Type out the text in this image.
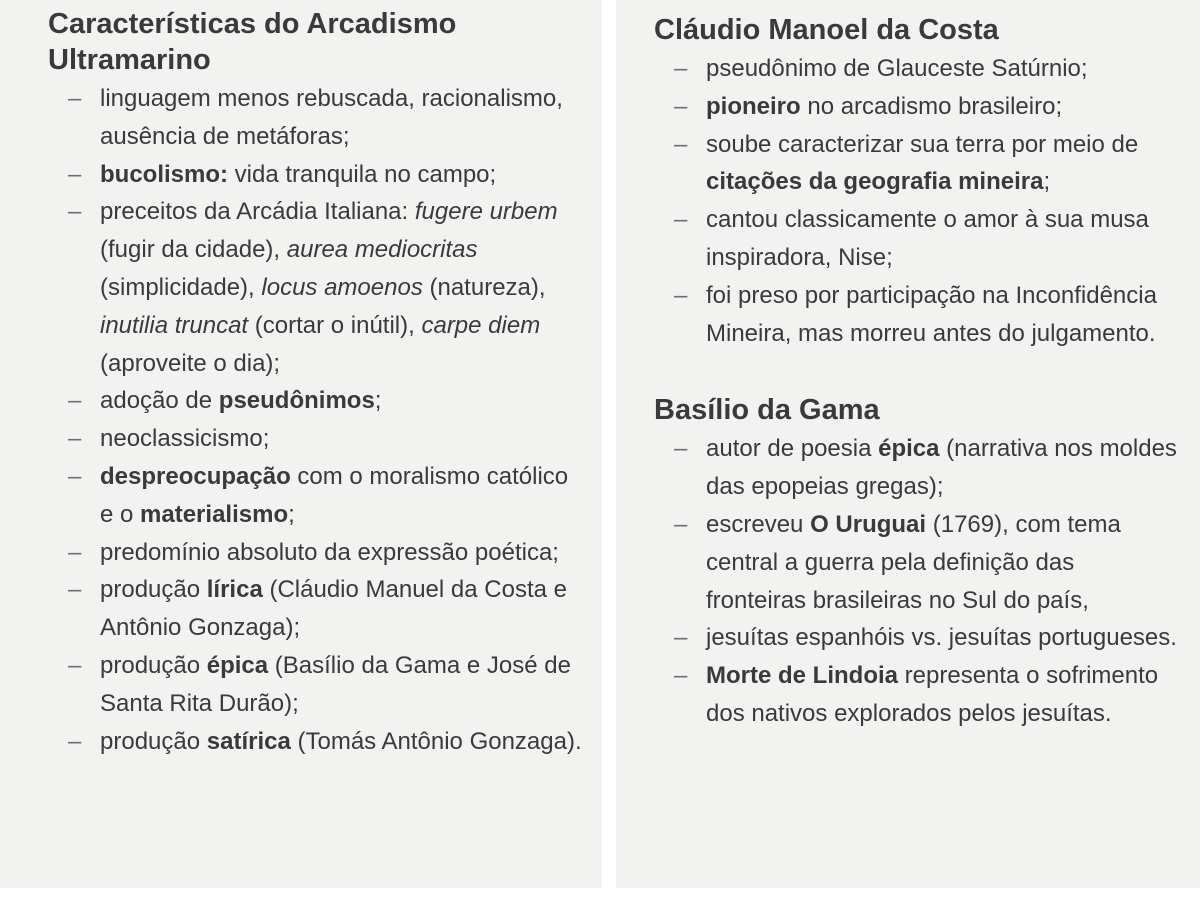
Características do Arcadismo Ultramarino
– linguagem menos rebuscada, racionalismo, ausência de metáforas;
– bucolismo: vida tranquila no campo;
– preceitos da Arcádia Italiana: fugere urbem (fugir da cidade), aurea mediocritas (simplicidade), locus amoenos (natureza), inutilia truncat (cortar o inútil), carpe diem (aproveite o dia);
– adoção de pseudônimos;
– neoclassicismo;
– despreocupação com o moralismo católico e o materialismo;
– predomínio absoluto da expressão poética;
– produção lírica (Cláudio Manuel da Costa e Antônio Gonzaga);
– produção épica (Basílio da Gama e José de Santa Rita Durão);
– produção satírica (Tomás Antônio Gonzaga).
Cláudio Manoel da Costa
– pseudônimo de Glauceste Satúrnio;
– pioneiro no arcadismo brasileiro;
– soube caracterizar sua terra por meio de citações da geografia mineira;
– cantou classicamente o amor à sua musa inspiradora, Nise;
– foi preso por participação na Inconfidência Mineira, mas morreu antes do julgamento.
Basílio da Gama
– autor de poesia épica (narrativa nos moldes das epopeias gregas);
– escreveu O Uruguai (1769), com tema central a guerra pela definição das fronteiras brasileiras no Sul do país,
– jesuítas espanhóis vs. jesuítas portugueses.
– Morte de Lindoia representa o sofrimento dos nativos explorados pelos jesuítas.
